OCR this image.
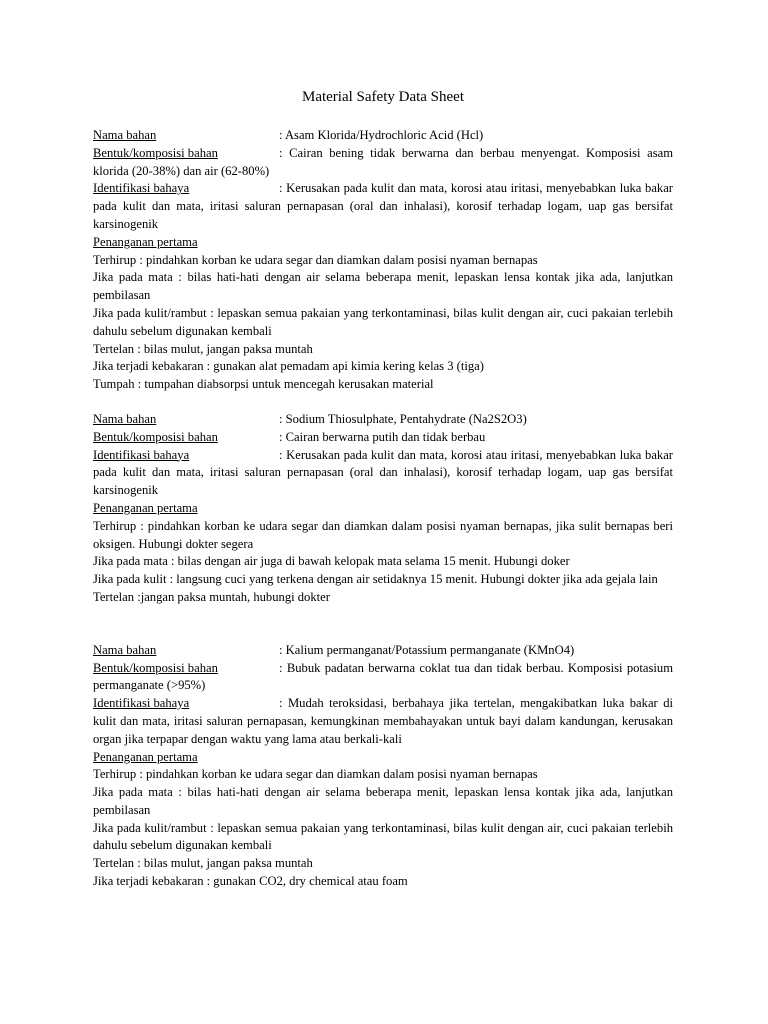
Material Safety Data Sheet
Nama bahan	: Asam Klorida/Hydrochloric Acid (Hcl)
Bentuk/komposisi bahan	: Cairan bening tidak berwarna dan berbau menyengat. Komposisi asam klorida (20-38%) dan air (62-80%)
Identifikasi bahaya	: Kerusakan pada kulit dan mata, korosi atau iritasi, menyebabkan luka bakar pada kulit dan mata, iritasi saluran pernapasan (oral dan inhalasi), korosif terhadap logam, uap gas bersifat karsinogenik
Penanganan pertama
Terhirup : pindahkan korban ke udara segar dan diamkan dalam posisi nyaman bernapas
Jika pada mata : bilas hati-hati dengan air selama beberapa menit, lepaskan lensa kontak jika ada, lanjutkan pembilasan
Jika pada kulit/rambut : lepaskan semua pakaian yang terkontaminasi, bilas kulit dengan air, cuci pakaian terlebih dahulu sebelum digunakan kembali
Tertelan : bilas mulut, jangan paksa muntah
Jika terjadi kebakaran : gunakan alat pemadam api kimia kering kelas 3 (tiga)
Tumpah : tumpahan diabsorpsi untuk mencegah kerusakan material
Nama bahan	: Sodium Thiosulphate, Pentahydrate (Na2S2O3)
Bentuk/komposisi bahan	: Cairan berwarna putih dan tidak berbau
Identifikasi bahaya	: Kerusakan pada kulit dan mata, korosi atau iritasi, menyebabkan luka bakar pada kulit dan mata, iritasi saluran pernapasan (oral dan inhalasi), korosif terhadap logam, uap gas bersifat karsinogenik
Penanganan pertama
Terhirup : pindahkan korban ke udara segar dan diamkan dalam posisi nyaman bernapas, jika sulit bernapas beri oksigen. Hubungi dokter segera
Jika pada mata : bilas dengan air juga di bawah kelopak mata selama 15 menit. Hubungi doker
Jika pada kulit : langsung cuci yang terkena dengan air setidaknya 15 menit. Hubungi dokter jika ada gejala lain
Tertelan :jangan paksa muntah, hubungi dokter
Nama bahan	: Kalium permanganat/Potassium permanganate (KMnO4)
Bentuk/komposisi bahan	: Bubuk padatan berwarna coklat tua dan tidak berbau. Komposisi potasium permanganate (>95%)
Identifikasi bahaya	: Mudah teroksidasi, berbahaya jika tertelan, mengakibatkan luka bakar di kulit dan mata, iritasi saluran pernapasan, kemungkinan membahayakan untuk bayi dalam kandungan, kerusakan organ jika terpapar dengan waktu yang lama atau berkali-kali
Penanganan pertama
Terhirup : pindahkan korban ke udara segar dan diamkan dalam posisi nyaman bernapas
Jika pada mata : bilas hati-hati dengan air selama beberapa menit, lepaskan lensa kontak jika ada, lanjutkan pembilasan
Jika pada kulit/rambut : lepaskan semua pakaian yang terkontaminasi, bilas kulit dengan air, cuci pakaian terlebih dahulu sebelum digunakan kembali
Tertelan : bilas mulut, jangan paksa muntah
Jika terjadi kebakaran : gunakan CO2, dry chemical atau foam
